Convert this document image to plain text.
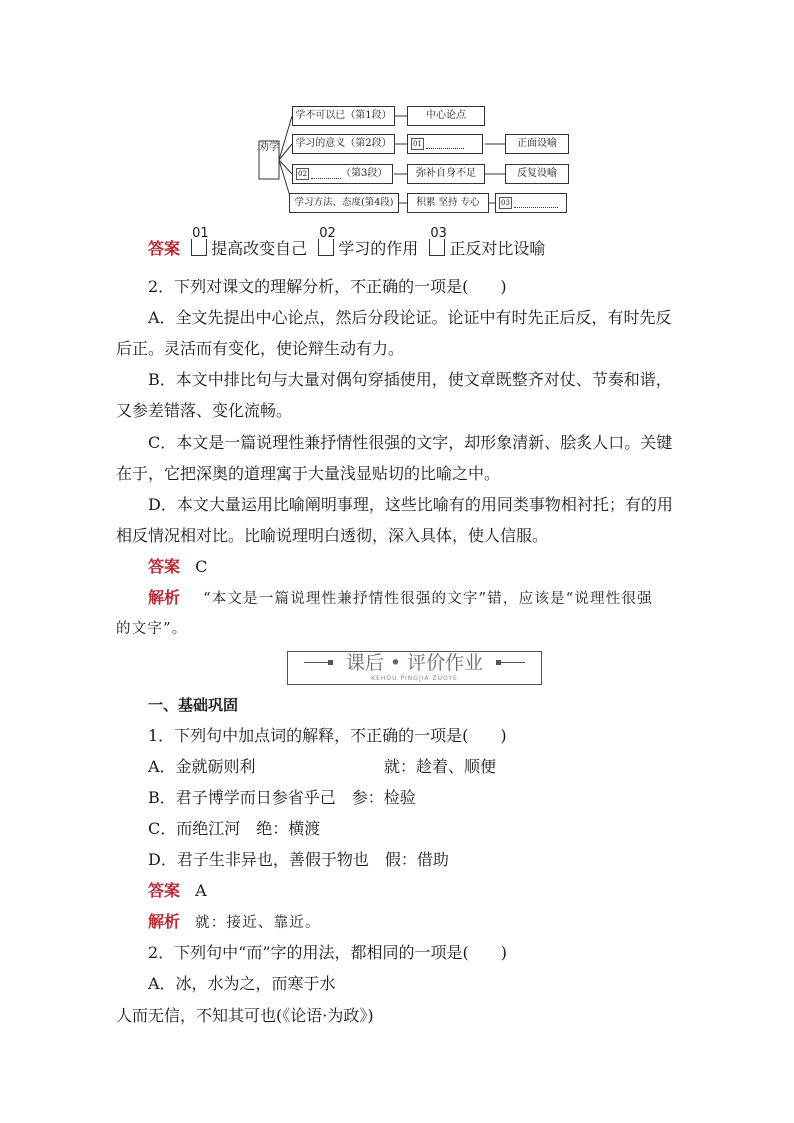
劝学
学不可以已（第1段）	中心论点
学习的意义（第2段）	01	正面设喻
02	（第3段）	弥补自身不足	反复设喻
学习方法、态度(第4段)	积累 坚持 专心	03
答案
01
提高改变自己
02
学习的作用
03
正反对比设喻
2．下列对课文的理解分析，不正确的一项是(　　)
A．全文先提出中心论点，然后分段论证。论证中有时先正后反，有时先反
后正。灵活而有变化，使论辩生动有力。
B．本文中排比句与大量对偶句穿插使用，使文章既整齐对仗、节奏和谐，
又参差错落、变化流畅。
C．本文是一篇说理性兼抒情性很强的文字，却形象清新、脍炙人口。关键
在于，它把深奥的道理寓于大量浅显贴切的比喻之中。
D．本文大量运用比喻阐明事理，这些比喻有的用同类事物相衬托；有的用
相反情况相对比。比喻说理明白透彻，深入具体，使人信服。
答案 C
解析 “本文是一篇说理性兼抒情性很强的文字”错，应该是“说理性很强
的文字”。
课后 • 评价作业
KEHOU PINGJIA ZUOYE
一、基础巩固
1．下列句中加点词的解释，不正确的一项是(　　)
A．金就砺则利	就：趁着、顺便
B．君子博学而日参省乎己　参：检验
C．而绝江河　绝：横渡
D．君子生非异也，善假于物也　假：借助
答案 A
解析 就：接近、靠近。
2．下列句中“而”字的用法，都相同的一项是(　　)
A．冰，水为之，而寒于水
人而无信，不知其可也(《论语·为政》)
